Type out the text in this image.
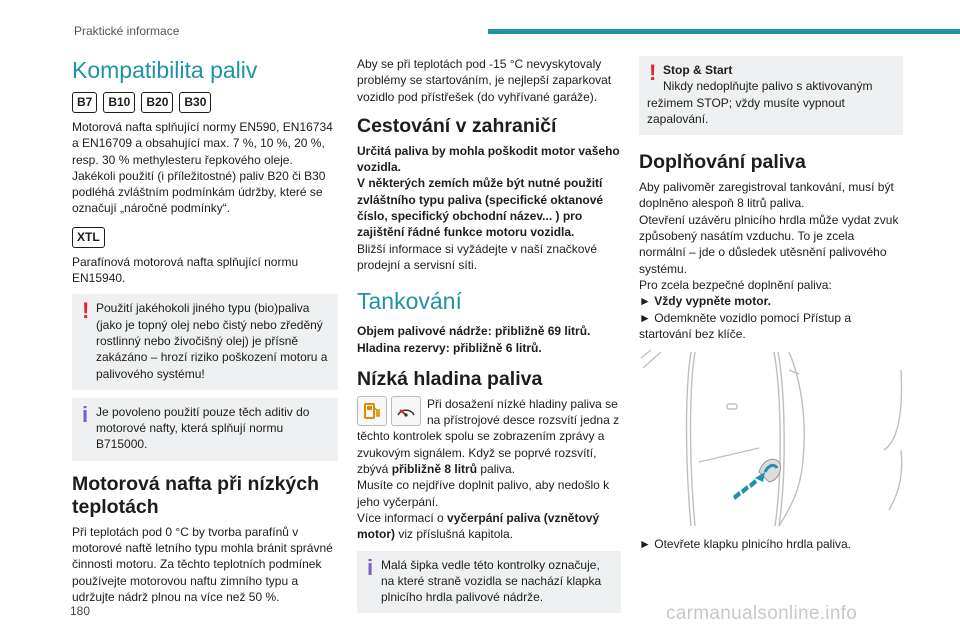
Praktické informace
Kompatibilita paliv
B7	B10	B20	B30

Motorová nafta splňující normy EN590, EN16734 a EN16709 a obsahující max. 7 %, 10 %, 20 %, resp. 30 % methylesteru řepkového oleje. Jakékoli použití (i příležitostné) paliv B20 či B30 podléhá zvláštním podmínkám údržby, které se označují „náročné podmínky“.

XTL

Parafínová motorová nafta splňující normu EN15940.

! Použití jakéhokoli jiného typu (bio)paliva (jako je topný olej nebo čistý nebo zředěný rostlinný nebo živočišný olej) je přísně zakázáno – hrozí riziko poškození motoru a palivového systému!
i Je povoleno použití pouze těch aditiv do motorové nafty, která splňují normu B715000.
Motorová nafta při nízkých teplotách

Při teplotách pod 0 °C by tvorba parafínů v motorové naftě letního typu mohla bránit správné činnosti motoru. Za těchto teplotních podmínek používejte motorovou naftu zimního typu a udržujte nádrž plnou na více než 50 %.

Aby se při teplotách pod -15 °C nevyskytovaly problémy se startováním, je nejlepší zaparkovat vozidlo pod přístřešek (do vyhřívané garáže).

Cestování v zahraničí

Určitá paliva by mohla poškodit motor vašeho vozidla.

V některých zemích může být nutné použití zvláštního typu paliva (specifické oktanové číslo, specifický obchodní název... ) pro zajištění řádné funkce motoru vozidla.

Bližší informace si vyžádejte v naší značkové prodejní a servisní síti.

Tankování

Objem palivové nádrže: přibližně 69 litrů.

Hladina rezervy: přibližně 6 litrů.

Nízká hladina paliva

Při dosažení nízké hladiny paliva se na přístrojové desce rozsvítí jedna z těchto kontrolek spolu se zobrazením zprávy a zvukovým signálem. Když se poprvé rozsvítí, zbývá přibližně 8 litrů paliva.

Musíte co nejdříve doplnit palivo, aby nedošlo k jeho vyčerpání.

Více informací o vyčerpání paliva (vznětový motor) viz příslušná kapitola.

i Malá šipka vedle této kontrolky označuje, na které straně vozidla se nachází klapka plnicího hrdla palivové nádrže.
! Stop & Start
Nikdy nedoplňujte palivo s aktivovaným režimem STOP; vždy musíte vypnout zapalování.
Doplňování paliva

Aby palivoměr zaregistroval tankování, musí být doplněno alespoň 8 litrů paliva.

Otevření uzávěru plnicího hrdla může vydat zvuk způsobený nasátím vzduchu. To je zcela normální – jde o důsledek utěsnění palivového systému.

Pro zcela bezpečné doplnění paliva:

► Vždy vypněte motor.

► Odemkněte vozidlo pomocí Přístup a startování bez klíče.

► Otevřete klapku plnicího hrdla paliva.

180	carmanualsonline.info
